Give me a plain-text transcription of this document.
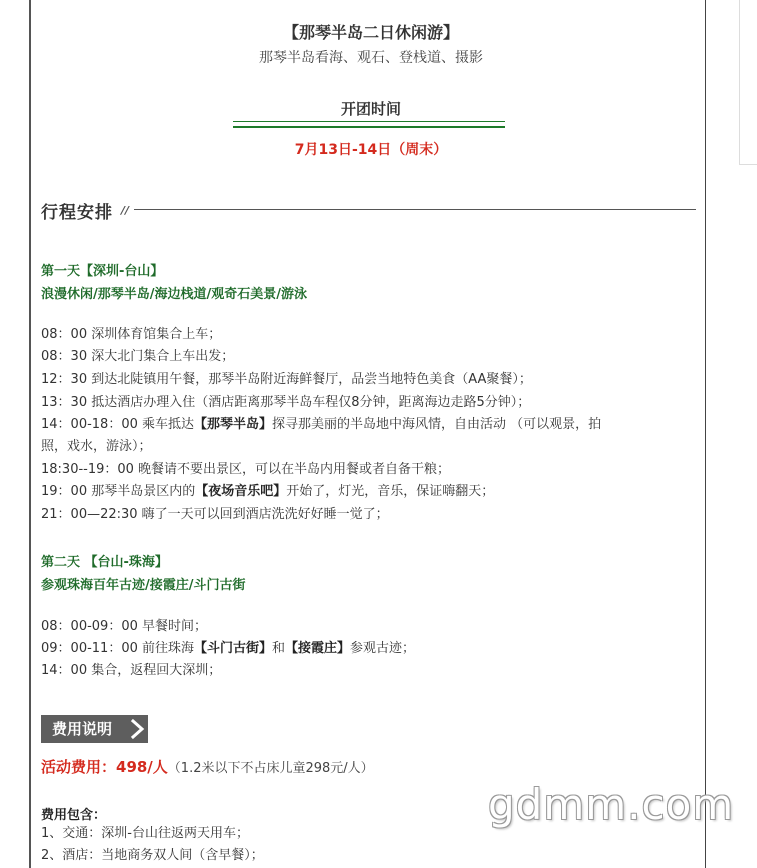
【那琴半岛二日休闲游】
那琴半岛看海、观石、登栈道、摄影
开团时间
7月13日-14日（周末）
行程安排 //
第一天【深圳-台山】
浪漫休闲/那琴半岛/海边栈道/观奇石美景/游泳
08：00 深圳体育馆集合上车；
08：30 深大北门集合上车出发；
12：30 到达北陡镇用午餐，那琴半岛附近海鲜餐厅，品尝当地特色美食（AA聚餐）；
13：30 抵达酒店办理入住（酒店距离那琴半岛车程仅8分钟，距离海边走路5分钟）；
14：00-18：00 乘车抵达【那琴半岛】探寻那美丽的半岛地中海风情，自由活动 （可以观景，拍
照，戏水，游泳）；
18:30--19：00 晚餐请不要出景区，可以在半岛内用餐或者自备干粮；
19：00 那琴半岛景区内的【夜场音乐吧】开始了，灯光，音乐，保证嗨翻天；
21：00—22:30 嗨了一天可以回到酒店洗洗好好睡一觉了；
第二天 【台山-珠海】
参观珠海百年古迹/接霞庄/斗门古街
08：00-09：00 早餐时间；
09：00-11：00 前往珠海【斗门古街】和【接霞庄】参观古迹；
14：00 集合，返程回大深圳；
费用说明
活动费用：498/人（1.2米以下不占床儿童298元/人）
费用包含：
1、交通：深圳-台山往返两天用车；
2、酒店：当地商务双人间（含早餐）；
gdmm.com
